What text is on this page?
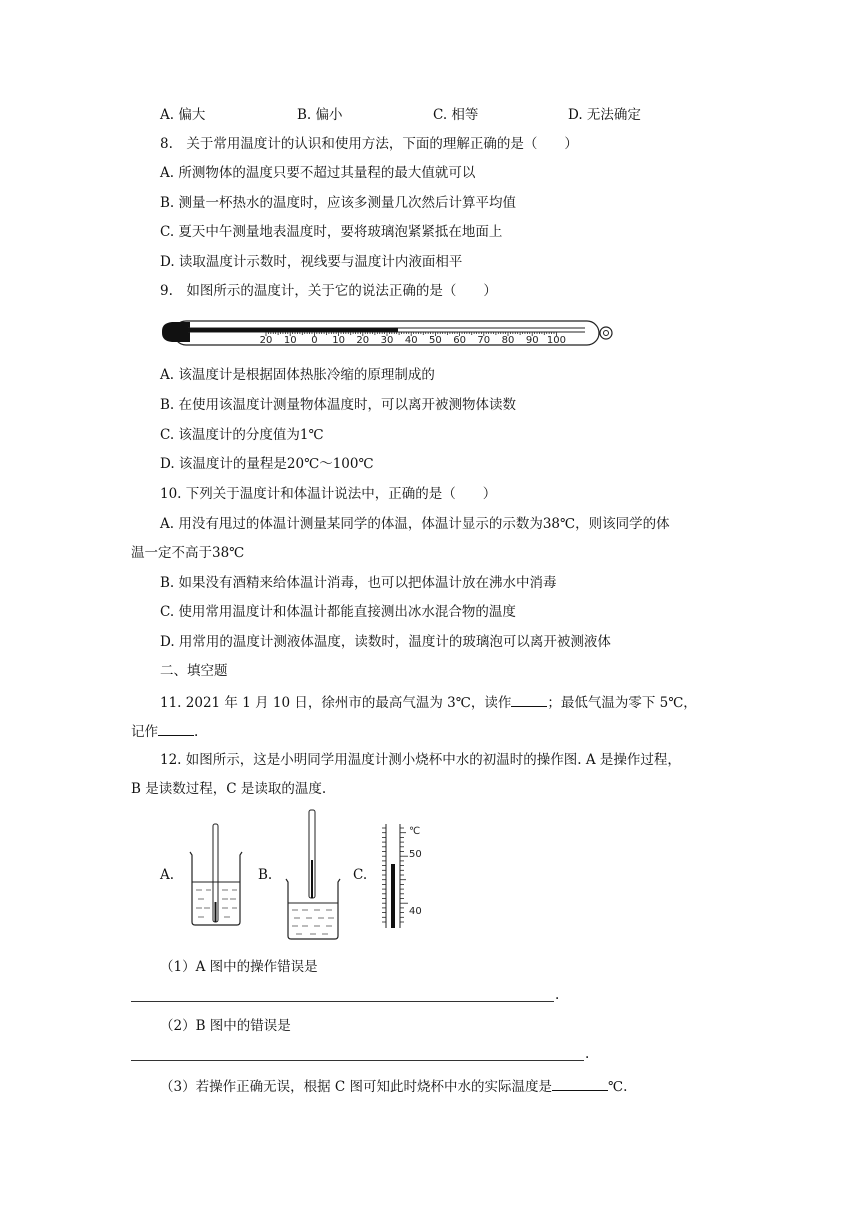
A. 偏大	B. 偏小	C. 相等	D. 无法确定
8.　关于常用温度计的认识和使用方法，下面的理解正确的是（　　）
A. 所测物体的温度只要不超过其量程的最大值就可以
B. 测量一杯热水的温度时，应该多测量几次然后计算平均值
C. 夏天中午测量地表温度时，要将玻璃泡紧紧抵在地面上
D. 读取温度计示数时，视线要与温度计内液面相平
9.　如图所示的温度计，关于它的说法正确的是（　　）
20 10 0 10 20 30 40 50 60 70 80 90 100
A. 该温度计是根据固体热胀冷缩的原理制成的
B. 在使用该温度计测量物体温度时，可以离开被测物体读数
C. 该温度计的分度值为1℃
D. 该温度计的量程是20℃～100℃
10. 下列关于温度计和体温计说法中，正确的是（　　）
A. 用没有甩过的体温计测量某同学的体温，体温计显示的示数为38℃，则该同学的体
温一定不高于38℃
B. 如果没有酒精来给体温计消毒，也可以把体温计放在沸水中消毒
C. 使用常用温度计和体温计都能直接测出冰水混合物的温度
D. 用常用的温度计测液体温度，读数时，温度计的玻璃泡可以离开被测液体
二、填空题
11. 2021 年 1 月 10 日，徐州市的最高气温为 3℃，读作	；最低气温为零下 5℃，
记作	.
12. 如图所示，这是小明同学用温度计测小烧杯中水的初温时的操作图. A 是操作过程，
B 是读数过程，C 是读取的温度.
A.	B.	C.
℃
50
40
（1）A 图中的操作错误是
.
（2）B 图中的错误是
.
（3）若操作正确无误，根据 C 图可知此时烧杯中水的实际温度是	℃.
